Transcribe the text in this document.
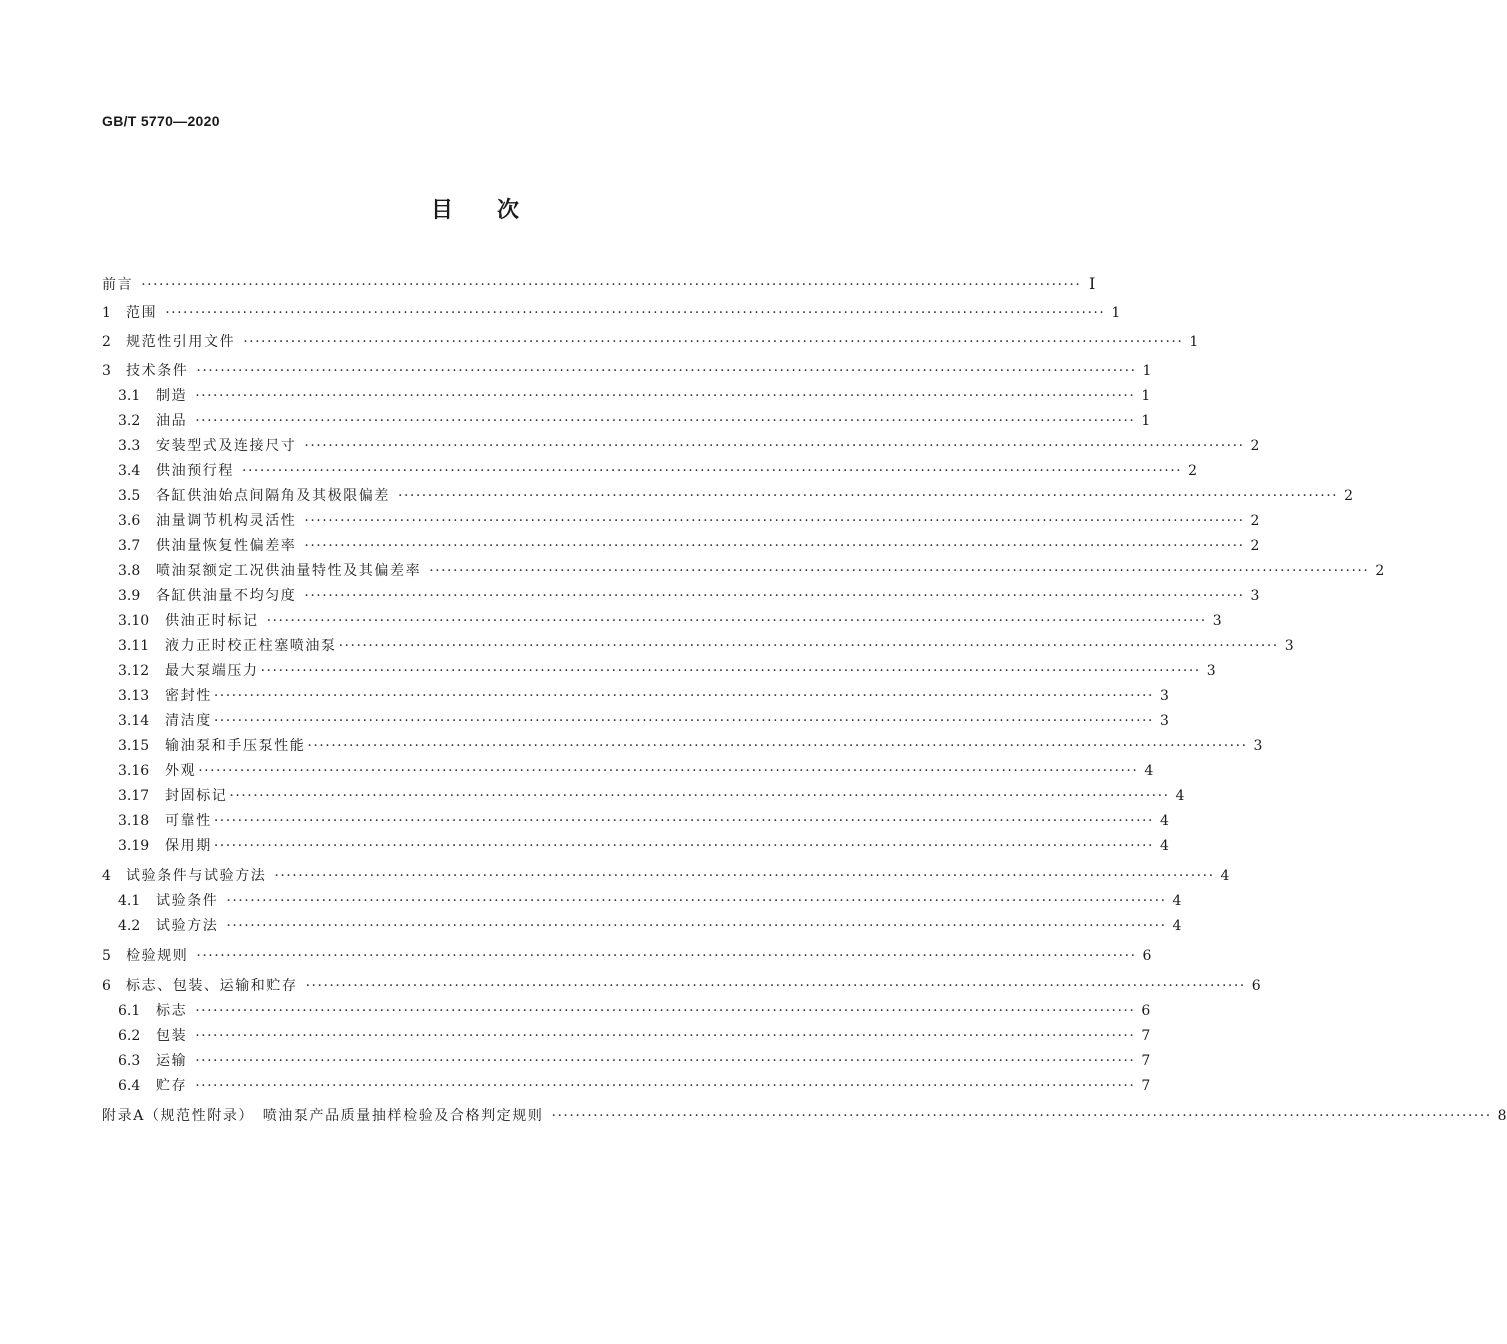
GB/T 5770—2020
目 次
前言 ······························································································································································ Ⅰ
1	范围 ······························································································································································ 1
2	规范性引用文件 ······························································································································································ 1
3	技术条件 ······························································································································································ 1
3.1	制造 ······························································································································································ 1
3.2	油品 ······························································································································································ 1
3.3	安装型式及连接尺寸 ······························································································································································ 2
3.4	供油预行程 ······························································································································································ 2
3.5	各缸供油始点间隔角及其极限偏差 ······························································································································································ 2
3.6	油量调节机构灵活性 ······························································································································································ 2
3.7	供油量恢复性偏差率 ······························································································································································ 2
3.8	喷油泵额定工况供油量特性及其偏差率 ······························································································································································ 2
3.9	各缸供油量不均匀度 ······························································································································································ 3
3.10	供油正时标记 ······························································································································································ 3
3.11	液力正时校正柱塞喷油泵 ······························································································································································ 3
3.12	最大泵端压力 ······························································································································································ 3
3.13	密封性 ······························································································································································ 3
3.14	清洁度 ······························································································································································ 3
3.15	输油泵和手压泵性能 ······························································································································································ 3
3.16	外观 ······························································································································································ 4
3.17	封固标记 ······························································································································································ 4
3.18	可靠性 ······························································································································································ 4
3.19	保用期 ······························································································································································ 4
4	试验条件与试验方法 ······························································································································································ 4
4.1	试验条件 ······························································································································································ 4
4.2	试验方法 ······························································································································································ 4
5	检验规则 ······························································································································································ 6
6	标志、包装、运输和贮存 ······························································································································································ 6
6.1	标志 ······························································································································································ 6
6.2	包装 ······························································································································································ 7
6.3	运输 ······························································································································································ 7
6.4	贮存 ······························································································································································ 7
附录A（规范性附录）　喷油泵产品质量抽样检验及合格判定规则 ······························································································································································ 8
